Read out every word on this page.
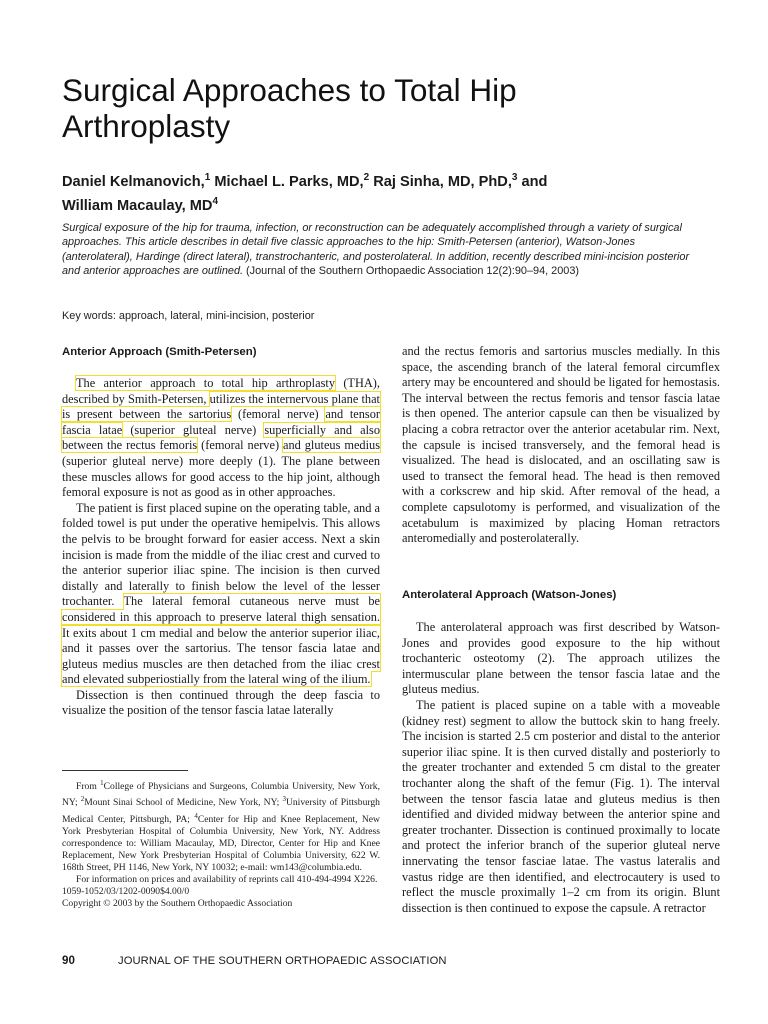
Surgical Approaches to Total Hip
Arthroplasty
Daniel Kelmanovich,$^1$ Michael L. Parks, MD,$^2$ Raj Sinha, MD, PhD,$^3$ and
William Macaulay, $MD^4$
Surgical exposure of the hip for trauma, infection, or reconstruction can be adequately accomplished through a variety of surgical approaches. This article describes in detail five classic approaches to the hip: Smith-Petersen (anterior), Watson-Jones (anterolateral), Hardinge (direct lateral), transtrochanteric, and posterolateral. In addition, recently described mini-incision posterior and anterior approaches are outlined. (Journal of the Southern Orthopaedic Association 12(2):90–94, 2003)
Key words: approach, lateral, mini-incision, posterior
Anterior Approach (Smith-Petersen)

The anterior approach to total hip arthroplasty (THA), described by Smith-Petersen, utilizes the internervous plane that is present between the sartorius (femoral nerve) and tensor fascia latae (superior gluteal nerve) superficially and also between the rectus femoris (femoral nerve) and gluteus medius (superior gluteal nerve) more deeply (1). The plane between these muscles allows for good access to the hip joint, although femoral exposure is not as good as in other approaches.

The patient is first placed supine on the operating table, and a folded towel is put under the operative hemipelvis. This allows the pelvis to be brought forward for easier access. Next a skin incision is made from the middle of the iliac crest and curved to the anterior superior iliac spine. The incision is then curved distally and laterally to finish below the level of the lesser trochanter. The lateral femoral cutaneous nerve must be considered in this approach to preserve lateral thigh sensation. It exits about 1 cm medial and below the anterior superior iliac, and it passes over the sartorius. The tensor fascia latae and gluteus medius muscles are then detached from the iliac crest and elevated subperiostially from the lateral wing of the ilium.

Dissection is then continued through the deep fascia to visualize the position of the tensor fascia latae laterally

From $^1$College of Physicians and Surgeons, Columbia University, New York, NY; $^2$Mount Sinai School of Medicine, New York, NY; $^3$University of Pittsburgh Medical Center, Pittsburgh, PA; $^4$Center for Hip and Knee Replacement, New York Presbyterian Hospital of Columbia University, New York, NY. Address correspondence to: William Macaulay, MD, Director, Center for Hip and Knee Replacement, New York Presbyterian Hospital of Columbia University, 622 W. 168th Street, PH 1146, New York, NY 10032; e-mail: wm143@columbia.edu.

For information on prices and availability of reprints call 410-494-4994 X226.

1059-1052/03/1202-0090$4.00/0

Copyright © 2003 by the Southern Orthopaedic Association

and the rectus femoris and sartorius muscles medially. In this space, the ascending branch of the lateral femoral circumflex artery may be encountered and should be ligated for hemostasis. The interval between the rectus femoris and tensor fascia latae is then opened. The anterior capsule can then be visualized by placing a cobra retractor over the anterior acetabular rim. Next, the capsule is incised transversely, and the femoral head is visualized. The head is dislocated, and an oscillating saw is used to transect the femoral head. The head is then removed with a corkscrew and hip skid. After removal of the head, a complete capsulotomy is performed, and visualization of the acetabulum is maximized by placing Homan retractors anteromedially and posterolaterally.

Anterolateral Approach (Watson-Jones)

The anterolateral approach was first described by Watson-Jones and provides good exposure to the hip without trochanteric osteotomy (2). The approach utilizes the intermuscular plane between the tensor fascia latae and the gluteus medius.

The patient is placed supine on a table with a moveable (kidney rest) segment to allow the buttock skin to hang freely. The incision is started 2.5 cm posterior and distal to the anterior superior iliac spine. It is then curved distally and posteriorly to the greater trochanter and extended 5 cm distal to the greater trochanter along the shaft of the femur (Fig. 1). The interval between the tensor fascia latae and gluteus medius is then identified and divided midway between the anterior spine and greater trochanter. Dissection is continued proximally to locate and protect the inferior branch of the superior gluteal nerve innervating the tensor fasciae latae. The vastus lateralis and vastus ridge are then identified, and electrocautery is used to reflect the muscle proximally 1–2 cm from its origin. Blunt dissection is then continued to expose the capsule. A retractor

90	JOURNAL OF THE SOUTHERN ORTHOPAEDIC ASSOCIATION
